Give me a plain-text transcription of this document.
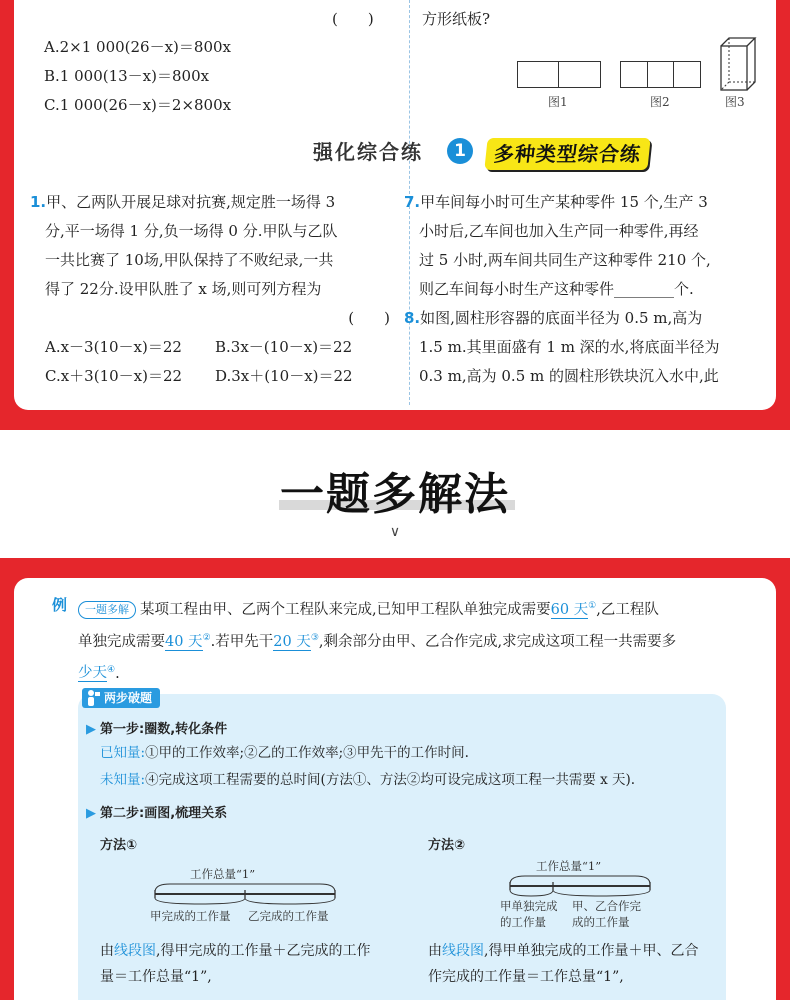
(　　)
A.2×1 000(26－x)＝800x
B.1 000(13－x)＝800x
C.1 000(26－x)＝2×800x
方形纸板?
图1	图2	图3
强化综合练	1	多种类型综合练
1.甲、乙两队开展足球对抗赛,规定胜一场得 3
分,平一场得 1 分,负一场得 0 分.甲队与乙队
一共比赛了 10场,甲队保持了不败纪录,一共
得了 22分.设甲队胜了 x 场,则可列方程为
(　　)
A.x－3(10－x)＝22 B.3x－(10－x)＝22
C.x＋3(10－x)＝22 D.3x＋(10－x)＝22
7.甲车间每小时可生产某种零件 15 个,生产 3
小时后,乙车间也加入生产同一种零件,再经
过 5 小时,两车间共同生产这种零件 210 个,
则乙车间每小时生产这种零件________个.
8.如图,圆柱形容器的底面半径为 0.5 m,高为
1.5 m.其里面盛有 1 m 深的水,将底面半径为
0.3 m,高为 0.5 m 的圆柱形铁块沉入水中,此
一题多解法
∨
例	一题多解 某项工程由甲、乙两个工程队来完成,已知甲工程队单独完成需要60 天①,乙工程队
单独完成需要40 天②.若甲先干20 天③,剩余部分由甲、乙合作完成,求完成这项工程一共需要多
少天④.
两步破题
▶ 第一步:圈数,转化条件
已知量:①甲的工作效率;②乙的工作效率;③甲先干的工作时间.
未知量:④完成这项工程需要的总时间(方法①、方法②均可设完成这项工程一共需要 x 天).
▶ 第二步:画图,梳理关系
方法①
工作总量“1”
甲完成的工作量 乙完成的工作量
由线段图,得甲完成的工作量＋乙完成的工作
量＝工作总量“1”,
方法②
工作总量“1”
甲单独完成
的工作量
甲、乙合作完
成的工作量
由线段图,得甲单独完成的工作量＋甲、乙合
作完成的工作量＝工作总量“1”,
